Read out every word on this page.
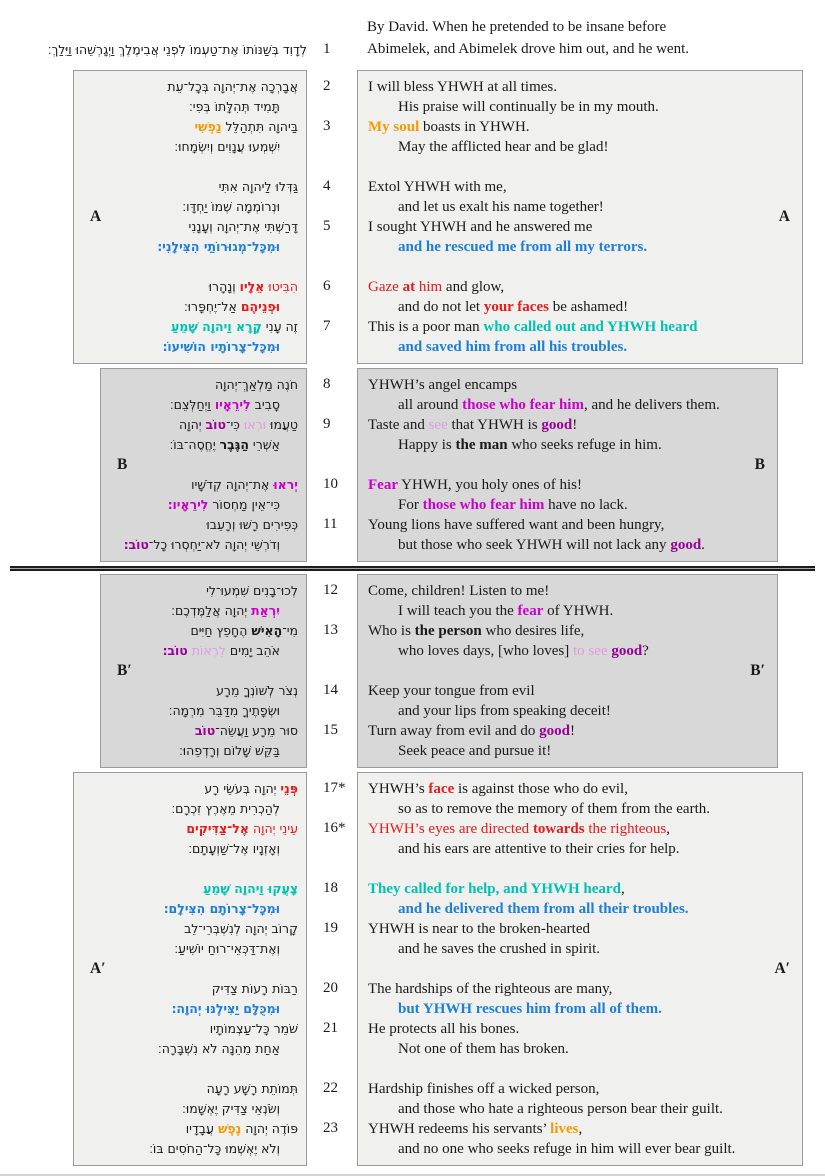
לְדָוִד בְּשַׁנּוֹתוֹ אֶת־טַעְמוֹ לִפְנֵי אֲבִימֶלֶךְ וַיְגָרְשֵׁהוּ וַיֵּלַךְ׃	1
By David. When he pretended to be insane before
Abimelek, and Abimelek drove him out, and he went.
אֲבָרְכָה אֶת־יְהוָה בְּכָל־עֵת
תָּמִיד תְּהִלָּתוֹ בְּפִי׃
בַּיהוָה תִּתְהַלֵּל נַפְשִׁי
יִשְׁמְעוּ עֲנָוִים וְיִשְׂמָחוּ׃
גַּדְּלוּ לַיהוָה אִתִּי
וּנְרוֹמְמָה שְׁמוֹ יַחְדָּו׃
דָּרַשְׁתִּי אֶת־יְהוָה וְעָנָנִי
וּמִכָּל־מְגוּרוֹתַי הִצִּילָנִי׃
הִבִּיטוּ אֵלָיו וְנָהָרוּ
וּפְנֵיהֶם אַל־יֶחְפָּרוּ׃
זֶה עָנִי קָרָא וַיהוָה שָׁמֵעַ
וּמִכָּל־צָרוֹתָיו הוֹשִׁיעוֹ׃
A
2
3
4
5
6
7
I will bless YHWH at all times.
His praise will continually be in my mouth.
My soul boasts in YHWH.
May the afflicted hear and be glad!
Extol YHWH with me,
and let us exalt his name together!
I sought YHWH and he answered me
and he rescued me from all my terrors.
Gaze at him and glow,
and do not let your faces be ashamed!
This is a poor man who called out and YHWH heard
and saved him from all his troubles.
A
חֹנֶה מַלְאַךְ־יְהוָה
סָבִיב לִירֵאָיו וַיְחַלְּצֵם׃
טַעֲמוּ וּרְאוּ כִּי־טוֹב יְהוָה
אַשְׁרֵי הַגֶּבֶר יֶחֱסֶה־בּוֹ׃
יְראוּ אֶת־יְהוָה קְדֹשָׁיו
כִּי־אֵין מַחְסוֹר לִירֵאָיו׃
כְּפִירִים רָשׁוּ וְרָעֵבוּ
וְדֹרְשֵׁי יְהוָה לֹא־יַחְסְרוּ כָל־טוֹב׃
B
8
9
10
11
YHWH’s angel encamps
all around those who fear him, and he delivers them.
Taste and see that YHWH is good!
Happy is the man who seeks refuge in him.
Fear YHWH, you holy ones of his!
For those who fear him have no lack.
Young lions have suffered want and been hungry,
but those who seek YHWH will not lack any good.
B
לְכוּ־בָנִים שִׁמְעוּ־לִי
יִרְאַת יְהוָה אֲלַמֶּדְכֶם׃
מִי־הָאִישׁ הֶחָפֵץ חַיִּים
אֹהֵב יָמִים לִרְאוֹת טוֹב׃
נְצֹר לְשׁוֹנְךָ מֵרָע
וּשְׂפָתֶיךָ מִדַּבֵּר מִרְמָה׃
סוּר מֵרָע וַעֲשֵׂה־טוֹב
בַּקֵּשׁ שָׁלוֹם וְרָדְפֵהוּ׃
B′
12
13
14
15
Come, children! Listen to me!
I will teach you the fear of YHWH.
Who is the person who desires life,
who loves days, [who loves] to see good?
Keep your tongue from evil
and your lips from speaking deceit!
Turn away from evil and do good!
Seek peace and pursue it!
B′
פְּנֵי יְהוָה בְּעֹשֵׂי רָע
לְהַכְרִית מֵאֶרֶץ זִכְרָם׃
עֵינֵי יְהוָה אֶל־צַדִּיקִים
וְאָזְנָיו אֶל־שַׁוְעָתָם׃
צָעֲקוּ וַיהוָה שָׁמֵעַ
וּמִכָּל־צָרוֹתָם הִצִּילָם׃
קָרוֹב יְהוָה לְנִשְׁבְּרֵי־לֵב
וְאֶת־דַּכְּאֵי־רוּחַ יוֹשִׁיעַ׃
רַבּוֹת רָעוֹת צַדִּיק
וּמִכֻּלָּם יַצִּילֶנּוּ יְהוָה׃
שֹׁמֵר כָּל־עַצְמוֹתָיו
אַחַת מֵהֵנָּה לֹא נִשְׁבָּרָה׃
תְּמוֹתֵת רָשָׁע רָעָה
וְשֹׂנְאֵי צַדִּיק יֶאְשָׁמוּ׃
פּוֹדֶה יְהוָה נֶפֶשׁ עֲבָדָיו
וְלֹא יֶאְשְׁמוּ כָּל־הַחֹסִים בּוֹ׃
A′
17*
16*
18
19
20
21
22
23
YHWH’s face is against those who do evil,
so as to remove the memory of them from the earth.
YHWH’s eyes are directed towards the righteous,
and his ears are attentive to their cries for help.
They called for help, and YHWH heard,
and he delivered them from all their troubles.
YHWH is near to the broken-hearted
and he saves the crushed in spirit.
The hardships of the righteous are many,
but YHWH rescues him from all of them.
He protects all his bones.
Not one of them has broken.
Hardship finishes off a wicked person,
and those who hate a righteous person bear their guilt.
YHWH redeems his servants’ lives,
and no one who seeks refuge in him will ever bear guilt.
A′
